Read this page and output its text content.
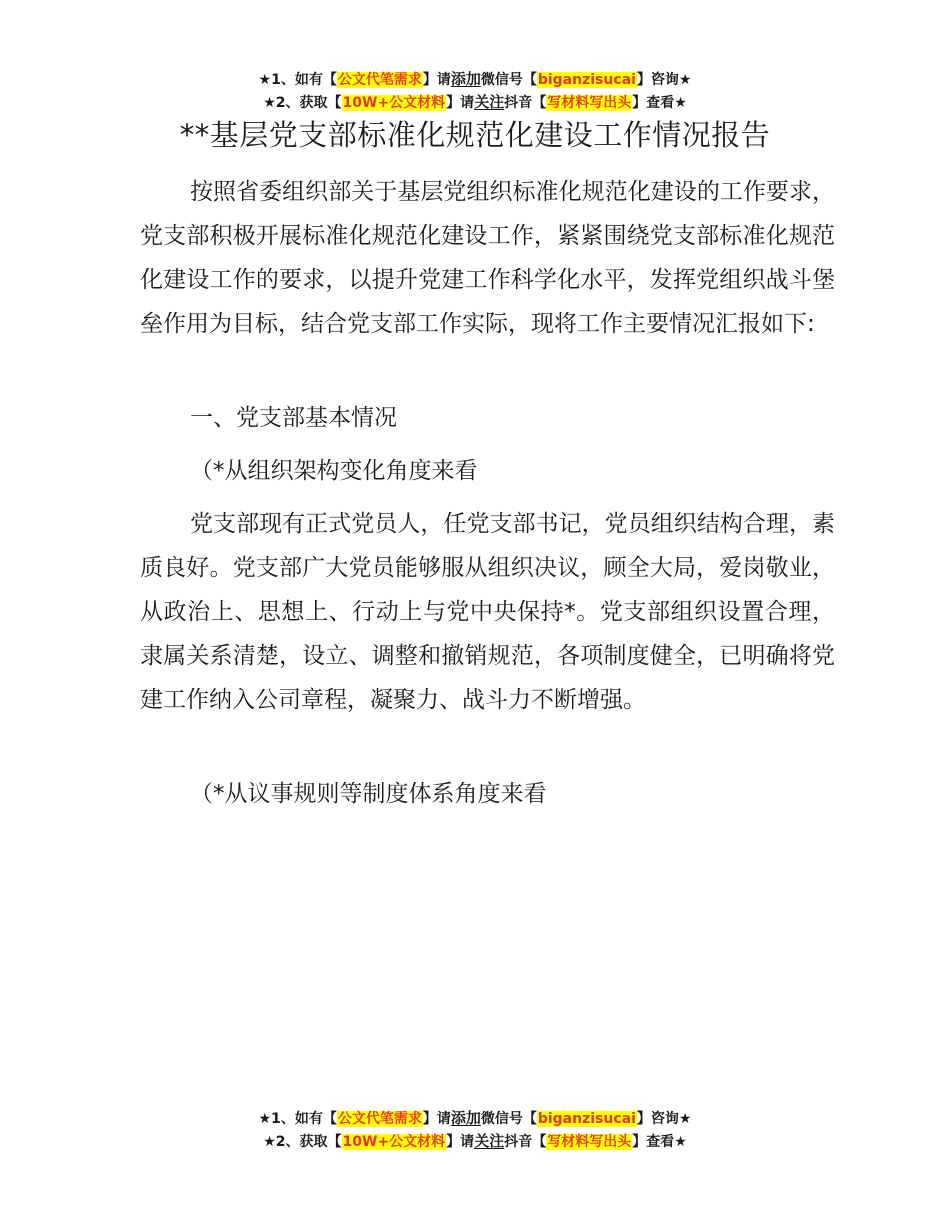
★1、如有【公文代笔需求】请添加微信号【biganzisucai】咨询★
★2、获取【10W+公文材料】请关注抖音【写材料写出头】查看★
**基层党支部标准化规范化建设工作情况报告

按照省委组织部关于基层党组织标准化规范化建设的工作要求，党支部积极开展标准化规范化建设工作，紧紧围绕党支部标准化规范化建设工作的要求，以提升党建工作科学化水平，发挥党组织战斗堡垒作用为目标，结合党支部工作实际，现将工作主要情况汇报如下:

一、党支部基本情况

（*从组织架构变化角度来看

党支部现有正式党员人，任党支部书记，党员组织结构合理，素质良好。党支部广大党员能够服从组织决议，顾全大局，爱岗敬业，从政治上、思想上、行动上与党中央保持*。党支部组织设置合理，隶属关系清楚，设立、调整和撤销规范，各项制度健全，已明确将党建工作纳入公司章程，凝聚力、战斗力不断增强。

（*从议事规则等制度体系角度来看

★1、如有【公文代笔需求】请添加微信号【biganzisucai】咨询★
★2、获取【10W+公文材料】请关注抖音【写材料写出头】查看★
